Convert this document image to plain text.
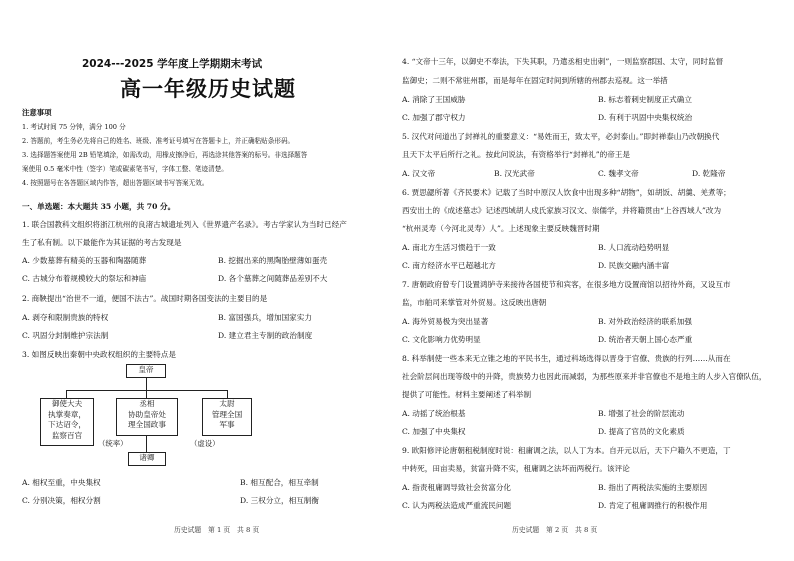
2024---2025 学年度上学期期末考试
高一年级历史试题
注意事项
1. 考试时间 75 分钟，满分 100 分
2. 答题前，考生务必先将自己的姓名、班级、准考证号填写在答题卡上，并正确粘贴条形码。
3. 选择题答案使用 2B 铅笔填涂，如需改动，用橡皮擦净后，再选涂其他答案的标号。非选择题答
案使用 0.5 毫米中性（签字）笔或碳素笔书写，字体工整、笔迹清楚。
4. 按照题号在各答题区域内作答，超出答题区域书写答案无效。
一、单选题：本大题共 35 小题，共 70 分。
1. 联合国教科文组织将浙江杭州的良渚古城遗址列入《世界遗产名录》。考古学家认为当时已经产
生了私有制。以下最能作为其证据的考古发现是
A. 少数墓葬有精美的玉器和陶器随葬	B. 挖掘出来的黑陶胎壁薄如蛋壳
C. 古城分布着规模较大的祭坛和神庙	D. 各个墓葬之间随葬品差别不大
2. 商鞅提出“治世不一道，便国不法古”。战国时期各国变法的主要目的是
A. 剥夺和限制贵族的特权	B. 富国强兵，增加国家实力
C. 巩固分封制维护宗法制	D. 建立君主专制的政治制度
3. 如图反映出秦朝中央政权组织的主要特点是
皇帝
御使大夫
执掌奏章，
下达诏令，
监察百官
丞相
协助皇帝处
理全国政事
太尉
管理全国
军事
（统率）	（虚设）
诸卿
A. 相权至重，中央集权	B. 相互配合，相互牵制
C. 分别决策，相权分割	D. 三权分立，相互制衡
历史试题　第 1 页　共 8 页
4. “文帝十三年，以御史不奉法，下失其职，乃遣丞相史出刺”，一则监察郡国、太守，同时监督
监御史；二则不常驻州郡，而是每年在固定时间到所辖的州郡去巡视。这一举措
A. 消除了王国威胁	B. 标志着刺史制度正式确立
C. 加强了郡守权力	D. 有利于巩固中央集权统治
5. 汉代对问道出了封禅礼的重要意义：“易姓而王，致太平，必封泰山。”即封禅泰山乃改朝换代
且天下太平后所行之礼。按此问说法，有资格举行“封禅礼”的帝王是
A. 汉文帝	B. 汉光武帝	C. 魏孝文帝	D. 乾隆帝
6. 贾思勰所著《齐民要术》记载了当时中原汉人饮食中出现多种“胡物”，如胡饭、胡羹、羌煮等；
西安出土的《成述墓志》记述西域胡人戍氏家族习汉文、崇儒学，并将籍贯由“上谷西域人”改为
“杭州灵寿（今河北灵寿）人”。上述现象主要反映魏晋时期
A. 南北方生活习惯趋于一致	B. 人口流动趋势明显
C. 南方经济水平已超越北方	D. 民族交融内涵丰富
7. 唐朝政府曾专门设置鸿胪寺来接待各国使节和宾客，在很多地方设置商馆以招待外商，又设互市
监，市舶司来掌管对外贸易。这反映出唐朝
A. 海外贸易极为突出显著	B. 对外政治经济的联系加强
C. 文化影响力优势明显	D. 统治者天朝上国心态严重
8. 科举制使一些本来无立锥之地的平民书生，通过科场选得以晋身于官僚、贵族的行列……从而在
社会阶层间出现等级中的升降，贵族势力也因此而减弱，为那些原来并非官僚也不是地主的人步入官僚队伍，
提供了可能性。材料主要阐述了科举制
A. 动摇了统治根基	B. 增强了社会的阶层流动
C. 加强了中央集权	D. 提高了官员的文化素质
9. 欧阳修评论唐朝租税制度时说：租庸调之法，以人丁为本。自开元以后，天下户籍久不更造，丁
中转死，田亩卖易，贫富升降不实，租庸调之法坏而两税行。该评论
A. 指责租庸调导致社会贫富分化	B. 指出了两税法实施的主要原因
C. 认为两税法造成严重流民问题	D. 肯定了租庸调推行的积极作用
历史试题　第 2 页　共 8 页
